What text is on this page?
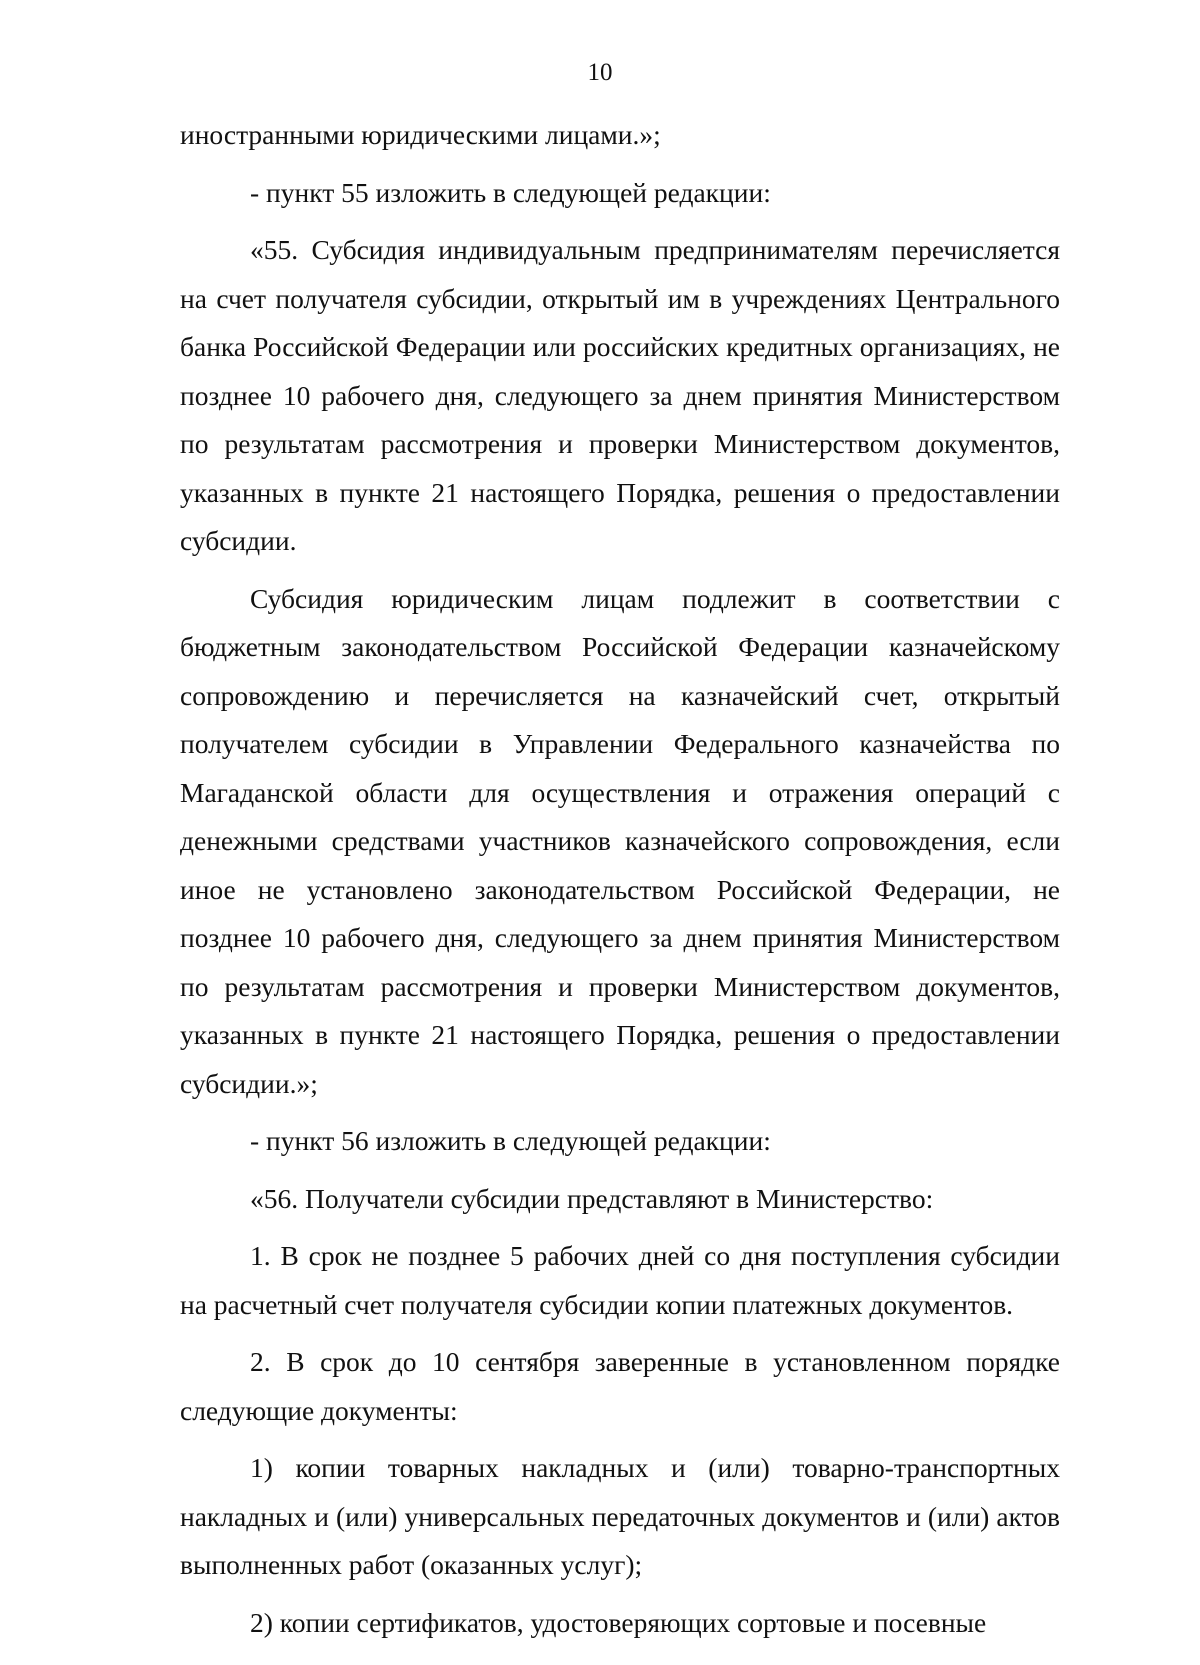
10

иностранными юридическими лицами.»;

- пункт 55 изложить в следующей редакции:

«55. Субсидия индивидуальным предпринимателям перечисляется на счет получателя субсидии, открытый им в учреждениях Центрального банка Российской Федерации или российских кредитных организациях, не позднее 10 рабочего дня, следующего за днем принятия Министерством по результатам рассмотрения и проверки Министерством документов, указанных в пункте 21 настоящего Порядка, решения о предоставлении субсидии.

Субсидия юридическим лицам подлежит в соответствии с бюджетным законодательством Российской Федерации казначейскому сопровождению и перечисляется на казначейский счет, открытый получателем субсидии в Управлении Федерального казначейства по Магаданской области для осуществления и отражения операций с денежными средствами участников казначейского сопровождения, если иное не установлено законодательством Российской Федерации, не позднее 10 рабочего дня, следующего за днем принятия Министерством по результатам рассмотрения и проверки Министерством документов, указанных в пункте 21 настоящего Порядка, решения о предоставлении субсидии.»;

- пункт 56 изложить в следующей редакции:

«56. Получатели субсидии представляют в Министерство:

1. В срок не позднее 5 рабочих дней со дня поступления субсидии на расчетный счет получателя субсидии копии платежных документов.

2. В срок до 10 сентября заверенные в установленном порядке следующие документы:

1) копии товарных накладных и (или) товарно-транспортных накладных и (или) универсальных передаточных документов и (или) актов выполненных работ (оказанных услуг);

2) копии сертификатов, удостоверяющих сортовые и посевные
